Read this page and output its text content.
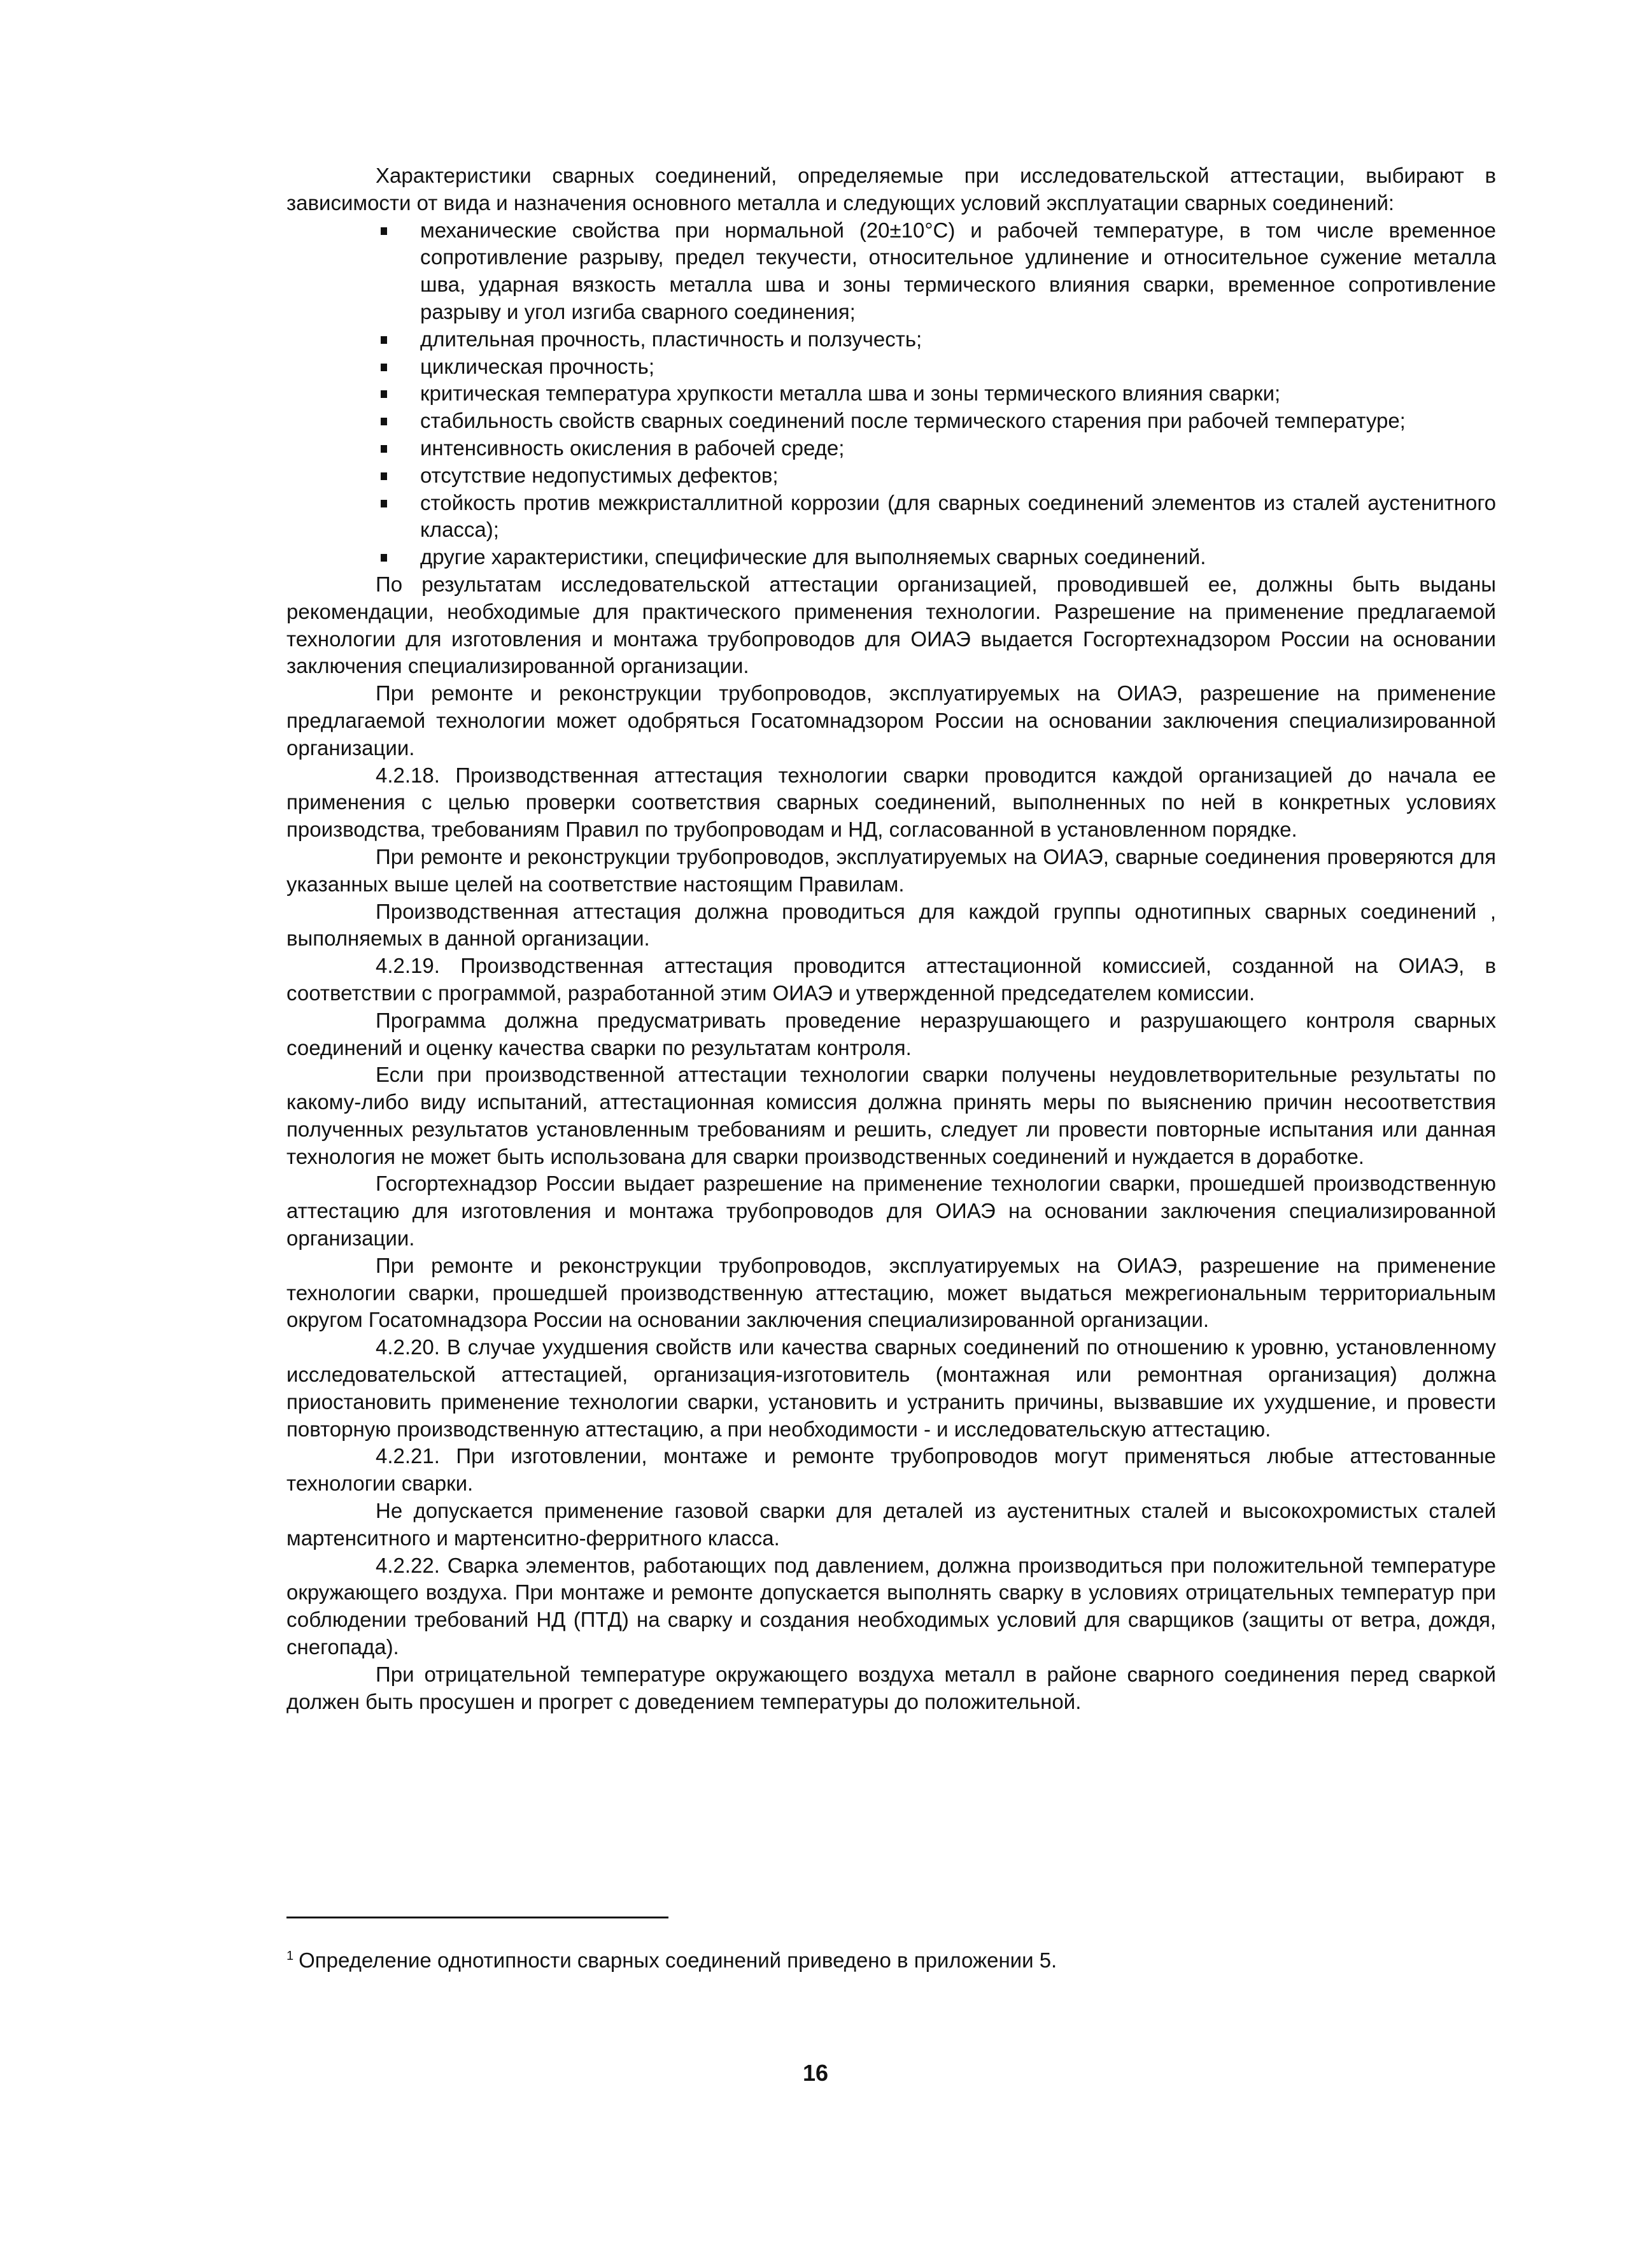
Характеристики сварных соединений, определяемые при исследовательской аттестации, выбирают в зависимости от вида и назначения основного металла и следующих условий эксплуатации сварных соединений:

механические свойства при нормальной (20±10°С) и рабочей температуре, в том числе временное сопротивление разрыву, предел текучести, относительное удлинение и относительное сужение металла шва, ударная вязкость металла шва и зоны термического влияния сварки, временное сопротивление разрыву и угол изгиба сварного соединения;
длительная прочность, пластичность и ползучесть;
циклическая прочность;
критическая температура хрупкости металла шва и зоны термического влияния сварки;
стабильность свойств сварных соединений после термического старения при рабочей температуре;
интенсивность окисления в рабочей среде;
отсутствие недопустимых дефектов;
стойкость против межкристаллитной коррозии (для сварных соединений элементов из сталей аустенитного класса);
другие характеристики, специфические для выполняемых сварных соединений.

По результатам исследовательской аттестации организацией, проводившей ее, должны быть выданы рекомендации, необходимые для практического применения технологии. Разрешение на применение предлагаемой технологии для изготовления и монтажа трубопроводов для ОИАЭ выдается Госгортехнадзором России на основании заключения специализированной организации.

При ремонте и реконструкции трубопроводов, эксплуатируемых на ОИАЭ, разрешение на применение предлагаемой технологии может одобряться Госатомнадзором России на основании заключения специализированной организации.

4.2.18. Производственная аттестация технологии сварки проводится каждой организацией до начала ее применения с целью проверки соответствия сварных соединений, выполненных по ней в конкретных условиях производства, требованиям Правил по трубопроводам и НД, согласованной в установленном порядке.

При ремонте и реконструкции трубопроводов, эксплуатируемых на ОИАЭ, сварные соединения проверяются для указанных выше целей на соответствие настоящим Правилам.

Производственная аттестация должна проводиться для каждой группы однотипных сварных соединений , выполняемых в данной организации.

4.2.19. Производственная аттестация проводится аттестационной комиссией, созданной на ОИАЭ, в соответствии с программой, разработанной этим ОИАЭ и утвержденной председателем комиссии.

Программа должна предусматривать проведение неразрушающего и разрушающего контроля сварных соединений и оценку качества сварки по результатам контроля.

Если при производственной аттестации технологии сварки получены неудовлетворительные результаты по какому-либо виду испытаний, аттестационная комиссия должна принять меры по выяснению причин несоответствия полученных результатов установленным требованиям и решить, следует ли провести повторные испытания или данная технология не может быть использована для сварки производственных соединений и нуждается в доработке.

Госгортехнадзор России выдает разрешение на применение технологии сварки, прошедшей производственную аттестацию для изготовления и монтажа трубопроводов для ОИАЭ на основании заключения специализированной организации.

При ремонте и реконструкции трубопроводов, эксплуатируемых на ОИАЭ, разрешение на применение технологии сварки, прошедшей производственную аттестацию, может выдаться межрегиональным территориальным округом Госатомнадзора России на основании заключения специализированной организации.

4.2.20. В случае ухудшения свойств или качества сварных соединений по отношению к уровню, установленному исследовательской аттестацией, организация-изготовитель (монтажная или ремонтная организация) должна приостановить применение технологии сварки, установить и устранить причины, вызвавшие их ухудшение, и провести повторную производственную аттестацию, а при необходимости - и исследовательскую аттестацию.

4.2.21. При изготовлении, монтаже и ремонте трубопроводов могут применяться любые аттестованные технологии сварки.

Не допускается применение газовой сварки для деталей из аустенитных сталей и высокохромистых сталей мартенситного и мартенситно-ферритного класса.

4.2.22. Сварка элементов, работающих под давлением, должна производиться при положительной температуре окружающего воздуха. При монтаже и ремонте допускается выполнять сварку в условиях отрицательных температур при соблюдении требований НД (ПТД) на сварку и создания необходимых условий для сварщиков (защиты от ветра, дождя, снегопада).

При отрицательной температуре окружающего воздуха металл в районе сварного соединения перед сваркой должен быть просушен и прогрет с доведением температуры до положительной.

$^1$ Определение однотипности сварных соединений приведено в приложении 5.
16
